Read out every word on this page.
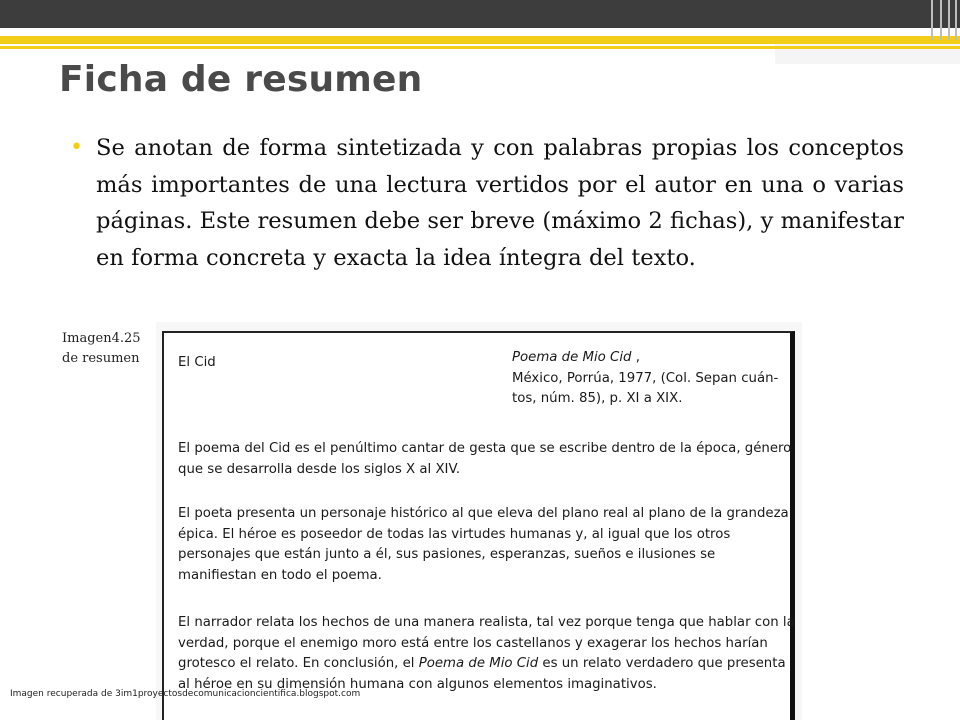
Ficha de resumen
• Se anotan de forma sintetizada y con palabras propias los conceptos más importantes de una lectura vertidos por el autor en una o varias páginas. Este resumen debe ser breve (máximo 2 fichas), y manifestar en forma concreta y exacta la idea íntegra del texto.
Imagen4.25
de resumen	El Cid	Poema de Mio Cid ,
México, Porrúa, 1977, (Col. Sepan cuán-
tos, núm. 85), p. XI a XIX.
El poema del Cid es el penúltimo cantar de gesta que se escribe dentro de la época, género que se desarrolla desde los siglos X al XIV.
El poeta presenta un personaje histórico al que eleva del plano real al plano de la grandeza épica. El héroe es poseedor de todas las virtudes humanas y, al igual que los otros personajes que están junto a él, sus pasiones, esperanzas, sueños e ilusiones se manifiestan en todo el poema.
El narrador relata los hechos de una manera realista, tal vez porque tenga que hablar con la verdad, porque el enemigo moro está entre los castellanos y exagerar los hechos harían grotesco el relato. En conclusión, el Poema de Mio Cid es un relato verdadero que presenta al héroe en su dimensión humana con algunos elementos imaginativos.
Imagen recuperada de 3im1proyectosdecomunicacioncientifica.blogspot.com
